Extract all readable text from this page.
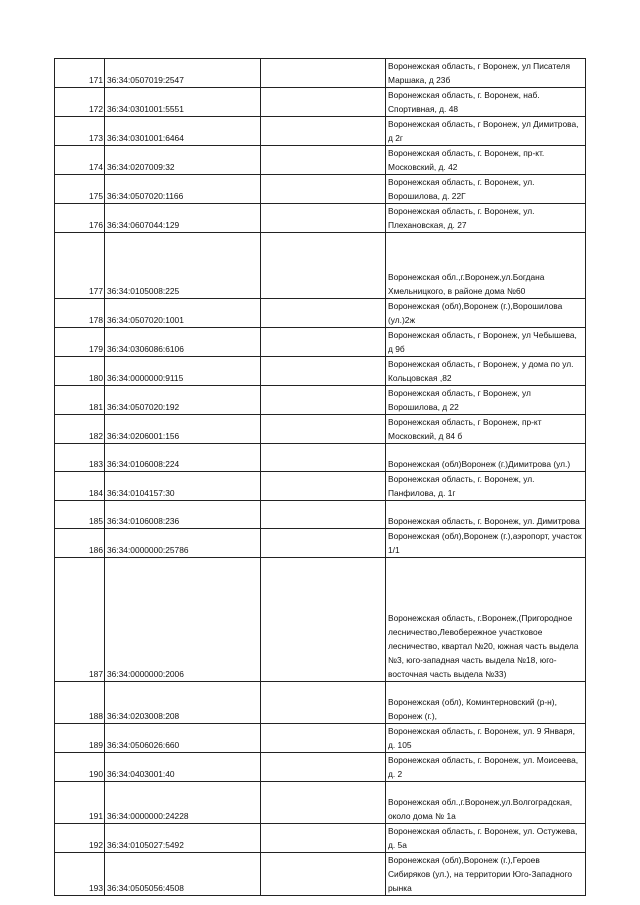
171	36:34:0507019:2547		Воронежская область, г Воронеж, ул Писателя Маршака, д 23б
172	36:34:0301001:5551		Воронежская область, г. Воронеж, наб. Спортивная, д. 48
173	36:34:0301001:6464		Воронежская область, г Воронеж, ул Димитрова, д 2г
174	36:34:0207009:32		Воронежская область, г. Воронеж, пр-кт. Московский, д. 42
175	36:34:0507020:1166		Воронежская область, г. Воронеж, ул. Ворошилова, д. 22Г
176	36:34:0607044:129		Воронежская область, г. Воронеж, ул. Плехановская, д. 27
177	36:34:0105008:225		Воронежская обл.,г.Воронеж,ул.Богдана Хмельницкого, в районе дома №60
178	36:34:0507020:1001		Воронежская (обл),Воронеж (г.),Ворошилова (ул.)2ж
179	36:34:0306086:6106		Воронежская область, г Воронеж, ул Чебышева, д 9б
180	36:34:0000000:9115		Воронежская область, г Воронеж, у дома по ул. Кольцовская ,82
181	36:34:0507020:192		Воронежская область, г Воронеж, ул Ворошилова, д 22
182	36:34:0206001:156		Воронежская область, г Воронеж, пр-кт Московский, д 84 б
183	36:34:0106008:224		Воронежская (обл)Воронеж (г.)Димитрова (ул.)
184	36:34:0104157:30		Воронежская область, г. Воронеж, ул. Панфилова, д. 1г
185	36:34:0106008:236		Воронежская область, г. Воронеж, ул. Димитрова
186	36:34:0000000:25786		Воронежская (обл),Воронеж (г.),аэропорт, участок 1/1
187	36:34:0000000:2006		Воронежская область, г.Воронеж,(Пригородное лесничество,Левобережное участковое лесничество, квартал №20, южная часть выдела №3, юго-западная часть выдела №18, юго-восточная часть выдела №33)
188	36:34:0203008:208		Воронежская (обл), Коминтерновский (р-н), Воронеж (г.),
189	36:34:0506026:660		Воронежская область, г. Воронеж, ул. 9 Января, д. 105
190	36:34:0403001:40		Воронежская область, г. Воронеж, ул. Моисеева, д. 2
191	36:34:0000000:24228		Воронежская обл.,г.Воронеж,ул.Волгоградская, около дома № 1а
192	36:34:0105027:5492		Воронежская область, г. Воронеж, ул. Остужева, д. 5а
193	36:34:0505056:4508		Воронежская (обл),Воронеж (г.),Героев Сибиряков (ул.), на территории Юго-Западного рынка
